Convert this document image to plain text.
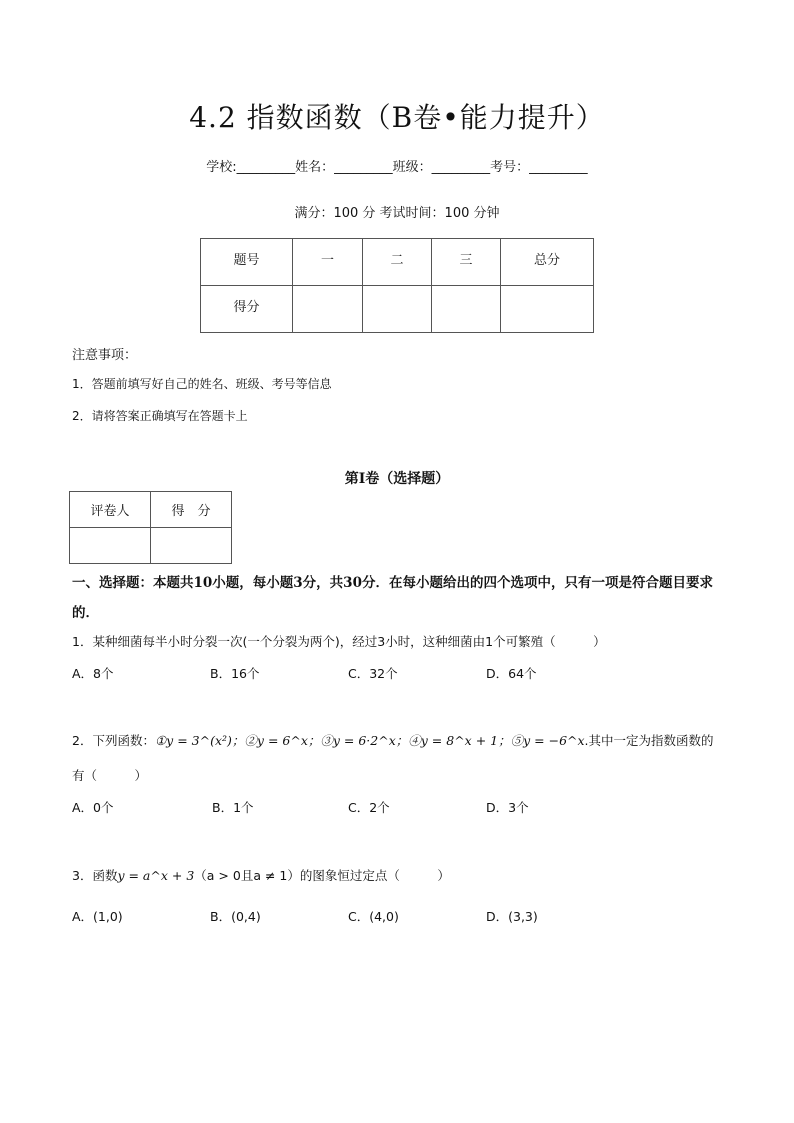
4.2 指数函数（B卷•能力提升）
学校:_________姓名：_________班级：_________考号：_________
满分：100 分 考试时间：100 分钟
题号	一	二	三	总分
得分				
注意事项：
1．答题前填写好自己的姓名、班级、考号等信息
2．请将答案正确填写在答题卡上
第I卷（选择题）
评卷人	得　分

一、选择题：本题共10小题，每小题3分，共30分．在每小题给出的四个选项中，只有一项是符合题目要求的．
1．某种细菌每半小时分裂一次(一个分裂为两个)，经过3小时，这种细菌由1个可繁殖（　　　）
A．8个	B．16个	C．32个	D．64个
2．下列函数：①y = 3^(x²)；②y = 6^x；③y = 6·2^x；④y = 8^x + 1；⑤y = −6^x.其中一定为指数函数的
有（　　　）
A．0个	B．1个	C．2个	D．3个
3．函数y = a^x + 3（a > 0且a ≠ 1）的图象恒过定点（　　　）
A．(1,0)	B．(0,4)	C．(4,0)	D．(3,3)
